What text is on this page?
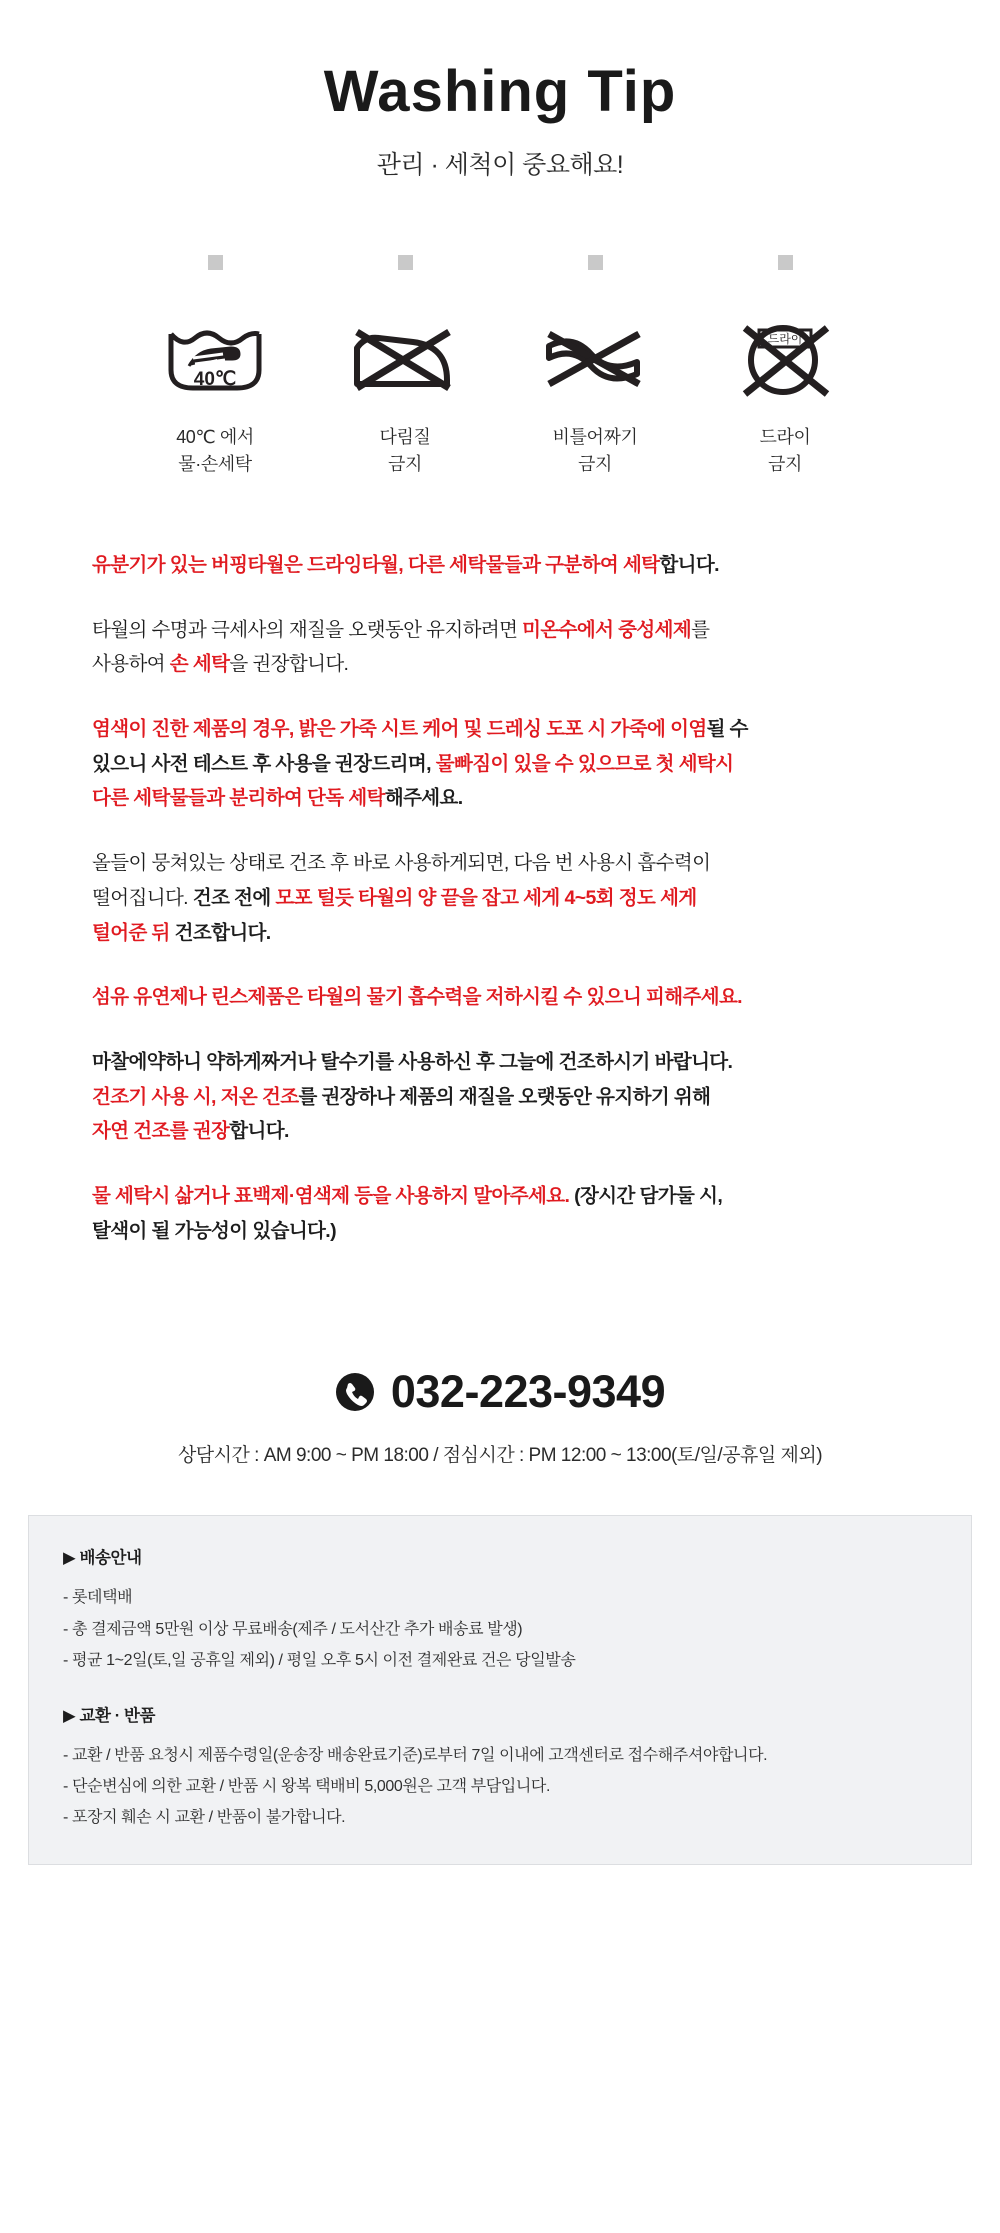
Washing Tip
관리 · 세척이 중요해요!
40℃
40℃ 에서
물·손세탁
다림질
금지
비틀어짜기
금지
드라이
드라이
금지

유분기가 있는 버핑타월은 드라잉타월, 다른 세탁물들과 구분하여 세탁합니다.

타월의 수명과 극세사의 재질을 오랫동안 유지하려면 미온수에서 중성세제를
사용하여 손 세탁을 권장합니다.

염색이 진한 제품의 경우, 밝은 가죽 시트 케어 및 드레싱 도포 시 가죽에 이염될 수
있으니 사전 테스트 후 사용을 권장드리며, 물빠짐이 있을 수 있으므로 첫 세탁시
다른 세탁물들과 분리하여 단독 세탁해주세요.

올들이 뭉쳐있는 상태로 건조 후 바로 사용하게되면, 다음 번 사용시 흡수력이
떨어집니다. 건조 전에 모포 털듯 타월의 양 끝을 잡고 세게 4~5회 정도 세게
털어준 뒤 건조합니다.

섬유 유연제나 린스제품은 타월의 물기 흡수력을 저하시킬 수 있으니 피해주세요.

마찰에약하니 약하게짜거나 탈수기를 사용하신 후 그늘에 건조하시기 바랍니다.
건조기 사용 시, 저온 건조를 권장하나 제품의 재질을 오랫동안 유지하기 위해
자연 건조를 권장합니다.

물 세탁시 삶거나 표백제·염색제 등을 사용하지 말아주세요. (장시간 담가둘 시,
탈색이 될 가능성이 있습니다.)

032-223-9349
상담시간 : AM 9:00 ~ PM 18:00 / 점심시간 : PM 12:00 ~ 13:00(토/일/공휴일 제외)
▶ 배송안내
- 롯데택배
- 총 결제금액 5만원 이상 무료배송(제주 / 도서산간 추가 배송료 발생)
- 평균 1~2일(토,일 공휴일 제외) / 평일 오후 5시 이전 결제완료 건은 당일발송
▶ 교환 · 반품
- 교환 / 반품 요청시 제품수령일(운송장 배송완료기준)로부터 7일 이내에 고객센터로 접수해주셔야합니다.
- 단순변심에 의한 교환 / 반품 시 왕복 택배비 5,000원은 고객 부담입니다.
- 포장지 훼손 시 교환 / 반품이 불가합니다.
